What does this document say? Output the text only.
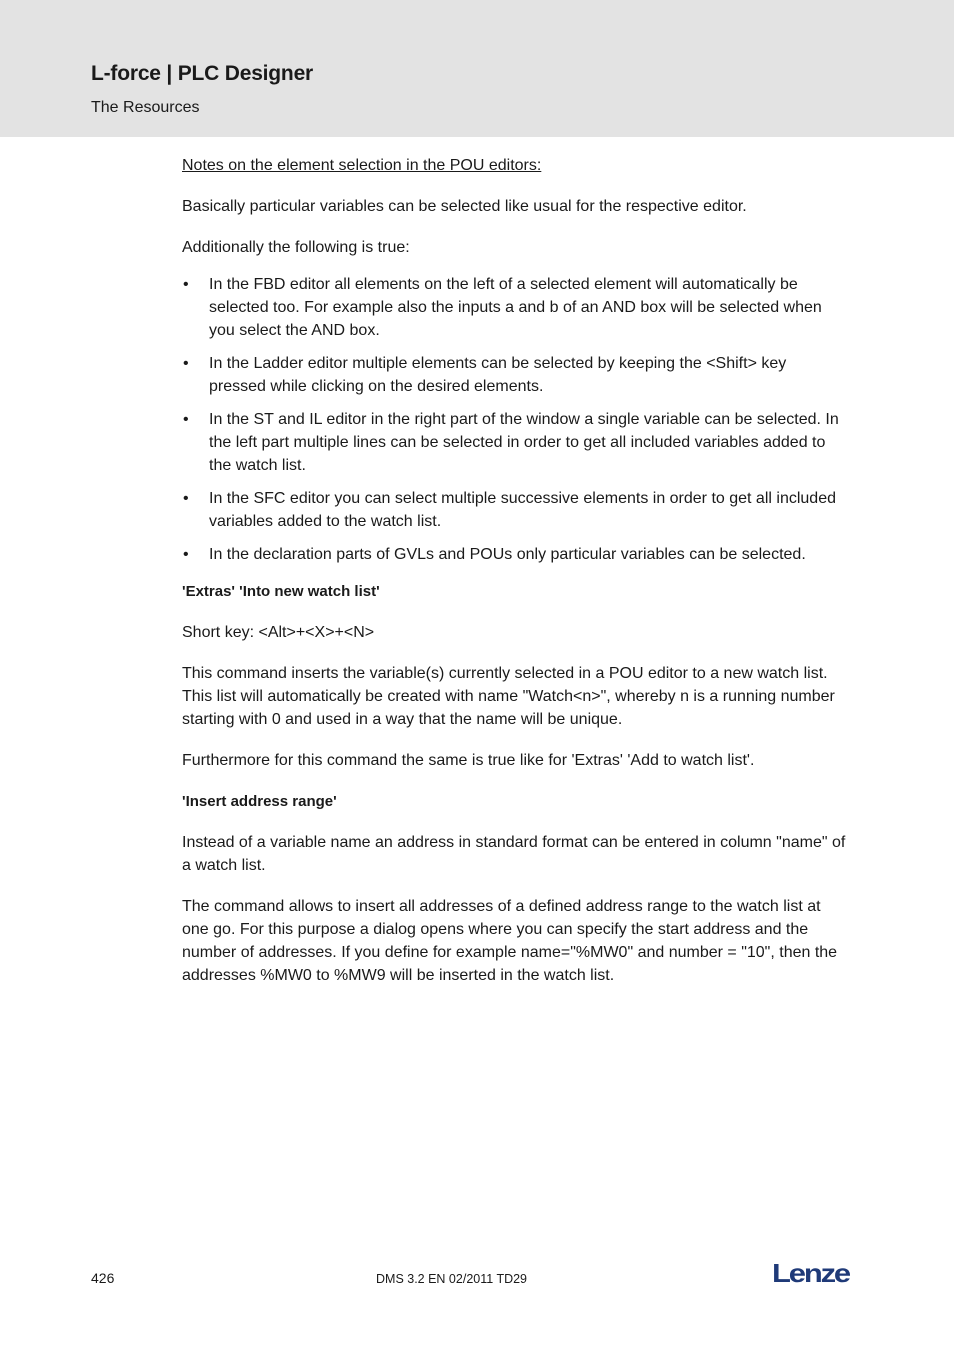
L-force | PLC Designer
The Resources

Notes on the element selection in the POU editors:

Basically particular variables can be selected like usual for the respective editor.

Additionally the following is true:

• In the FBD editor all elements on the left of a selected element will automatically be selected too. For example also the inputs a and b of an AND box will be selected when you select the AND box.
• In the Ladder editor multiple elements can be selected by keeping the <Shift> key pressed while clicking on the desired elements.
• In the ST and IL editor in the right part of the window a single variable can be selected. In the left part multiple lines can be selected in order to get all included variables added to the watch list.
• In the SFC editor you can select multiple successive elements in order to get all included variables added to the watch list.
• In the declaration parts of GVLs and POUs only particular variables can be selected.

'Extras' 'Into new watch list'

Short key: <Alt>+<X>+<N>

This command inserts the variable(s) currently selected in a POU editor to a new watch list. This list will automatically be created with name "Watch<n>", whereby n is a running number starting with 0 and used in a way that the name will be unique.

Furthermore for this command the same is true like for 'Extras' 'Add to watch list'.

'Insert address range'

Instead of a variable name an address in standard format can be entered in column "name" of a watch list.

The command allows to insert all addresses of a defined address range to the watch list at one go. For this purpose a dialog opens where you can specify the start address and the number of addresses. If you define for example name="%MW0" and number = "10", then the addresses %MW0 to %MW9 will be inserted in the watch list.

426	DMS 3.2 EN 02/2011 TD29	Lenze
